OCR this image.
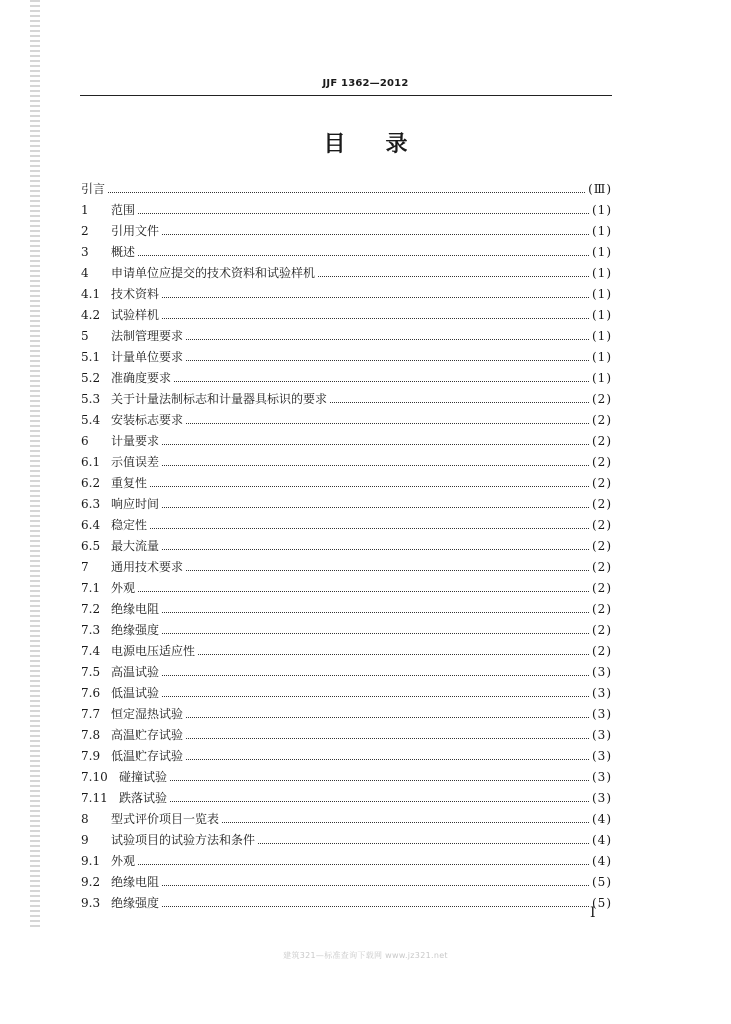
JJF 1362—2012
目录
引言	(Ⅲ)
1	范围	(1)
2	引用文件	(1)
3	概述	(1)
4	申请单位应提交的技术资料和试验样机	(1)
4.1 技术资料	(1)
4.2 试验样机	(1)
5	法制管理要求	(1)
5.1 计量单位要求	(1)
5.2 准确度要求	(1)
5.3 关于计量法制标志和计量器具标识的要求	(2)
5.4 安装标志要求	(2)
6	计量要求	(2)
6.1 示值误差	(2)
6.2 重复性	(2)
6.3 响应时间	(2)
6.4 稳定性	(2)
6.5 最大流量	(2)
7	通用技术要求	(2)
7.1 外观	(2)
7.2 绝缘电阻	(2)
7.3 绝缘强度	(2)
7.4 电源电压适应性	(2)
7.5 高温试验	(3)
7.6 低温试验	(3)
7.7 恒定湿热试验	(3)
7.8 高温贮存试验	(3)
7.9 低温贮存试验	(3)
7.10 碰撞试验	(3)
7.11 跌落试验	(3)
8	型式评价项目一览表	(4)
9	试验项目的试验方法和条件	(4)
9.1 外观	(4)
9.2 绝缘电阻	(5)
9.3 绝缘强度	(5)
I
建筑321—标准查询下载网 www.jz321.net
